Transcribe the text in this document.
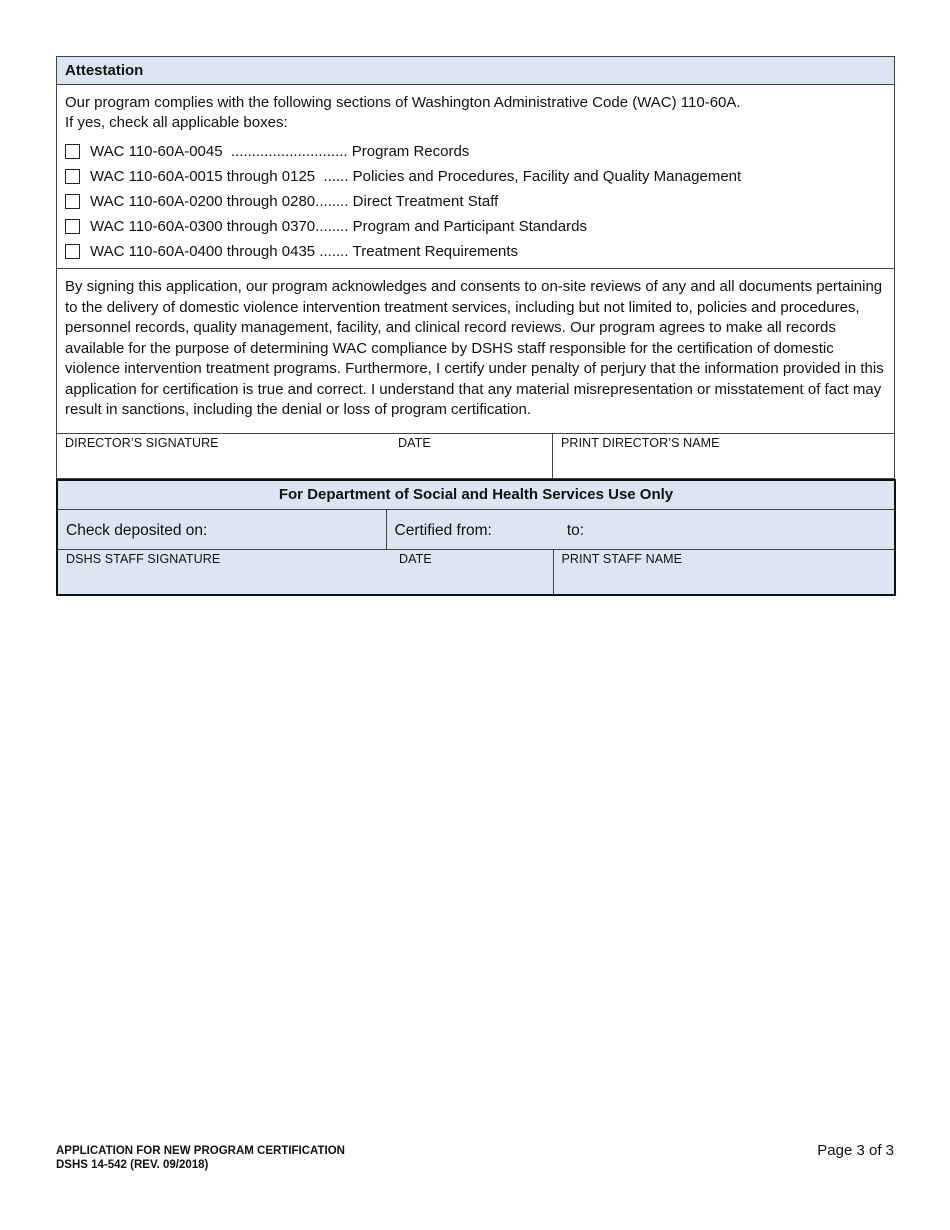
Attestation

Our program complies with the following sections of Washington Administrative Code (WAC) 110-60A.
If yes, check all applicable boxes:
WAC 110-60A-0045  ............................ Program Records
WAC 110-60A-0015 through 0125  ...... Policies and Procedures, Facility and Quality Management
WAC 110-60A-0200 through 0280........ Direct Treatment Staff
WAC 110-60A-0300 through 0370........ Program and Participant Standards
WAC 110-60A-0400 through 0435 ....... Treatment Requirements

By signing this application, our program acknowledges and consents to on-site reviews of any and all documents pertaining to the delivery of domestic violence intervention treatment services, including but not limited to, policies and procedures, personnel records, quality management, facility, and clinical record reviews. Our program agrees to make all records available for the purpose of determining WAC compliance by DSHS staff responsible for the certification of domestic violence intervention treatment programs. Furthermore, I certify under penalty of perjury that the information provided in this application for certification is true and correct. I understand that any material misrepresentation or misstatement of fact may result in sanctions, including the denial or loss of program certification.

DIRECTOR’S SIGNATURE	DATE	PRINT DIRECTOR’S NAME
For Department of Social and Health Services Use Only		
Check deposited on:	Certified from: to:	

DSHS STAFF SIGNATURE DATE		PRINT STAFF NAME
APPLICATION FOR NEW PROGRAM CERTIFICATION
DSHS 14-542 (REV. 09/2018)
Page 3 of 3
